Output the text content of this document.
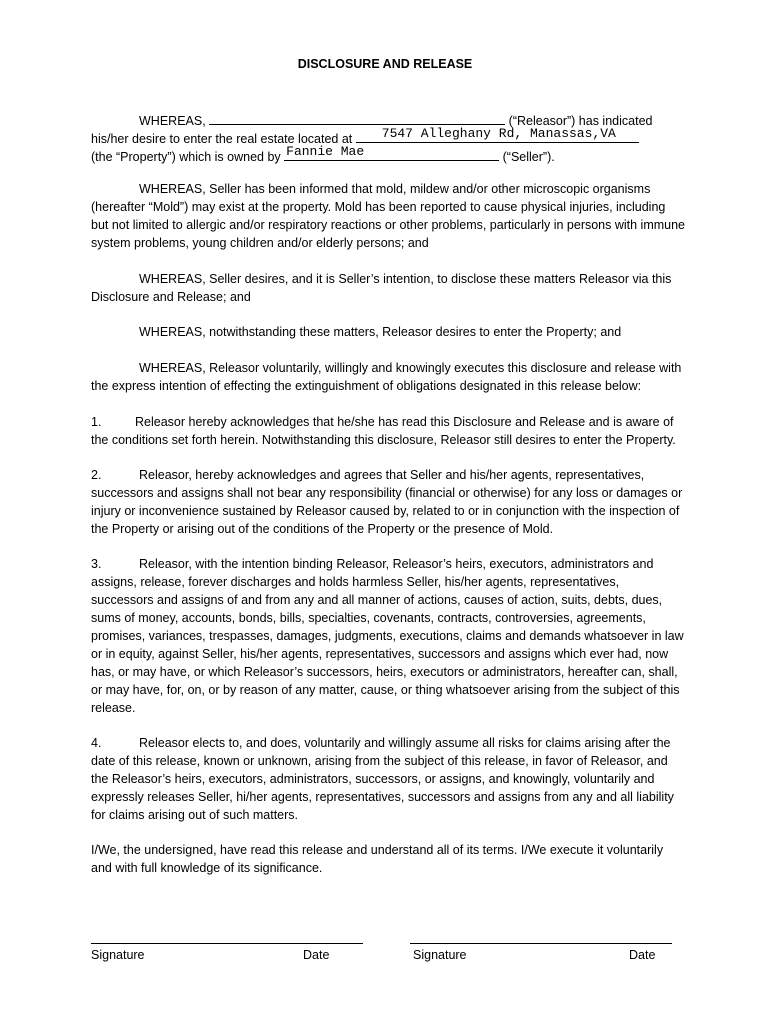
DISCLOSURE AND RELEASE
WHEREAS,	(“Releasor”) has indicated
his/her desire to enter the real estate located at 7547 Alleghany Rd, Manassas,VA
(the “Property”) which is owned by Fannie Mae	(“Seller”).
WHEREAS, Seller has been informed that mold, mildew and/or other microscopic organisms
(hereafter “Mold”) may exist at the property. Mold has been reported to cause physical injuries, including
but not limited to allergic and/or respiratory reactions or other problems, particularly in persons with immune
system problems, young children and/or elderly persons; and
WHEREAS, Seller desires, and it is Seller’s intention, to disclose these matters Releasor via this
Disclosure and Release; and
WHEREAS, notwithstanding these matters, Releasor desires to enter the Property; and
WHEREAS, Releasor voluntarily, willingly and knowingly executes this disclosure and release with
the express intention of effecting the extinguishment of obligations designated in this release below:
1.	Releasor hereby acknowledges that he/she has read this Disclosure and Release and is aware of
the conditions set forth herein. Notwithstanding this disclosure, Releasor still desires to enter the Property.
2.	Releasor, hereby acknowledges and agrees that Seller and his/her agents, representatives,
successors and assigns shall not bear any responsibility (financial or otherwise) for any loss or damages or
injury or inconvenience sustained by Releasor caused by, related to or in conjunction with the inspection of
the Property or arising out of the conditions of the Property or the presence of Mold.
3.	Releasor, with the intention binding Releasor, Releasor’s heirs, executors, administrators and
assigns, release, forever discharges and holds harmless Seller, his/her agents, representatives,
successors and assigns of and from any and all manner of actions, causes of action, suits, debts, dues,
sums of money, accounts, bonds, bills, specialties, covenants, contracts, controversies, agreements,
promises, variances, trespasses, damages, judgments, executions, claims and demands whatsoever in law
or in equity, against Seller, his/her agents, representatives, successors and assigns which ever had, now
has, or may have, or which Releasor’s successors, heirs, executors or administrators, hereafter can, shall,
or may have, for, on, or by reason of any matter, cause, or thing whatsoever arising from the subject of this
release.
4.	Releasor elects to, and does, voluntarily and willingly assume all risks for claims arising after the
date of this release, known or unknown, arising from the subject of this release, in favor of Releasor, and
the Releasor’s heirs, executors, administrators, successors, or assigns, and knowingly, voluntarily and
expressly releases Seller, hi/her agents, representatives, successors and assigns from any and all liability
for claims arising out of such matters.
I/We, the undersigned, have read this release and understand all of its terms. I/We execute it voluntarily
and with full knowledge of its significance.
Signature	Date	Signature	Date
